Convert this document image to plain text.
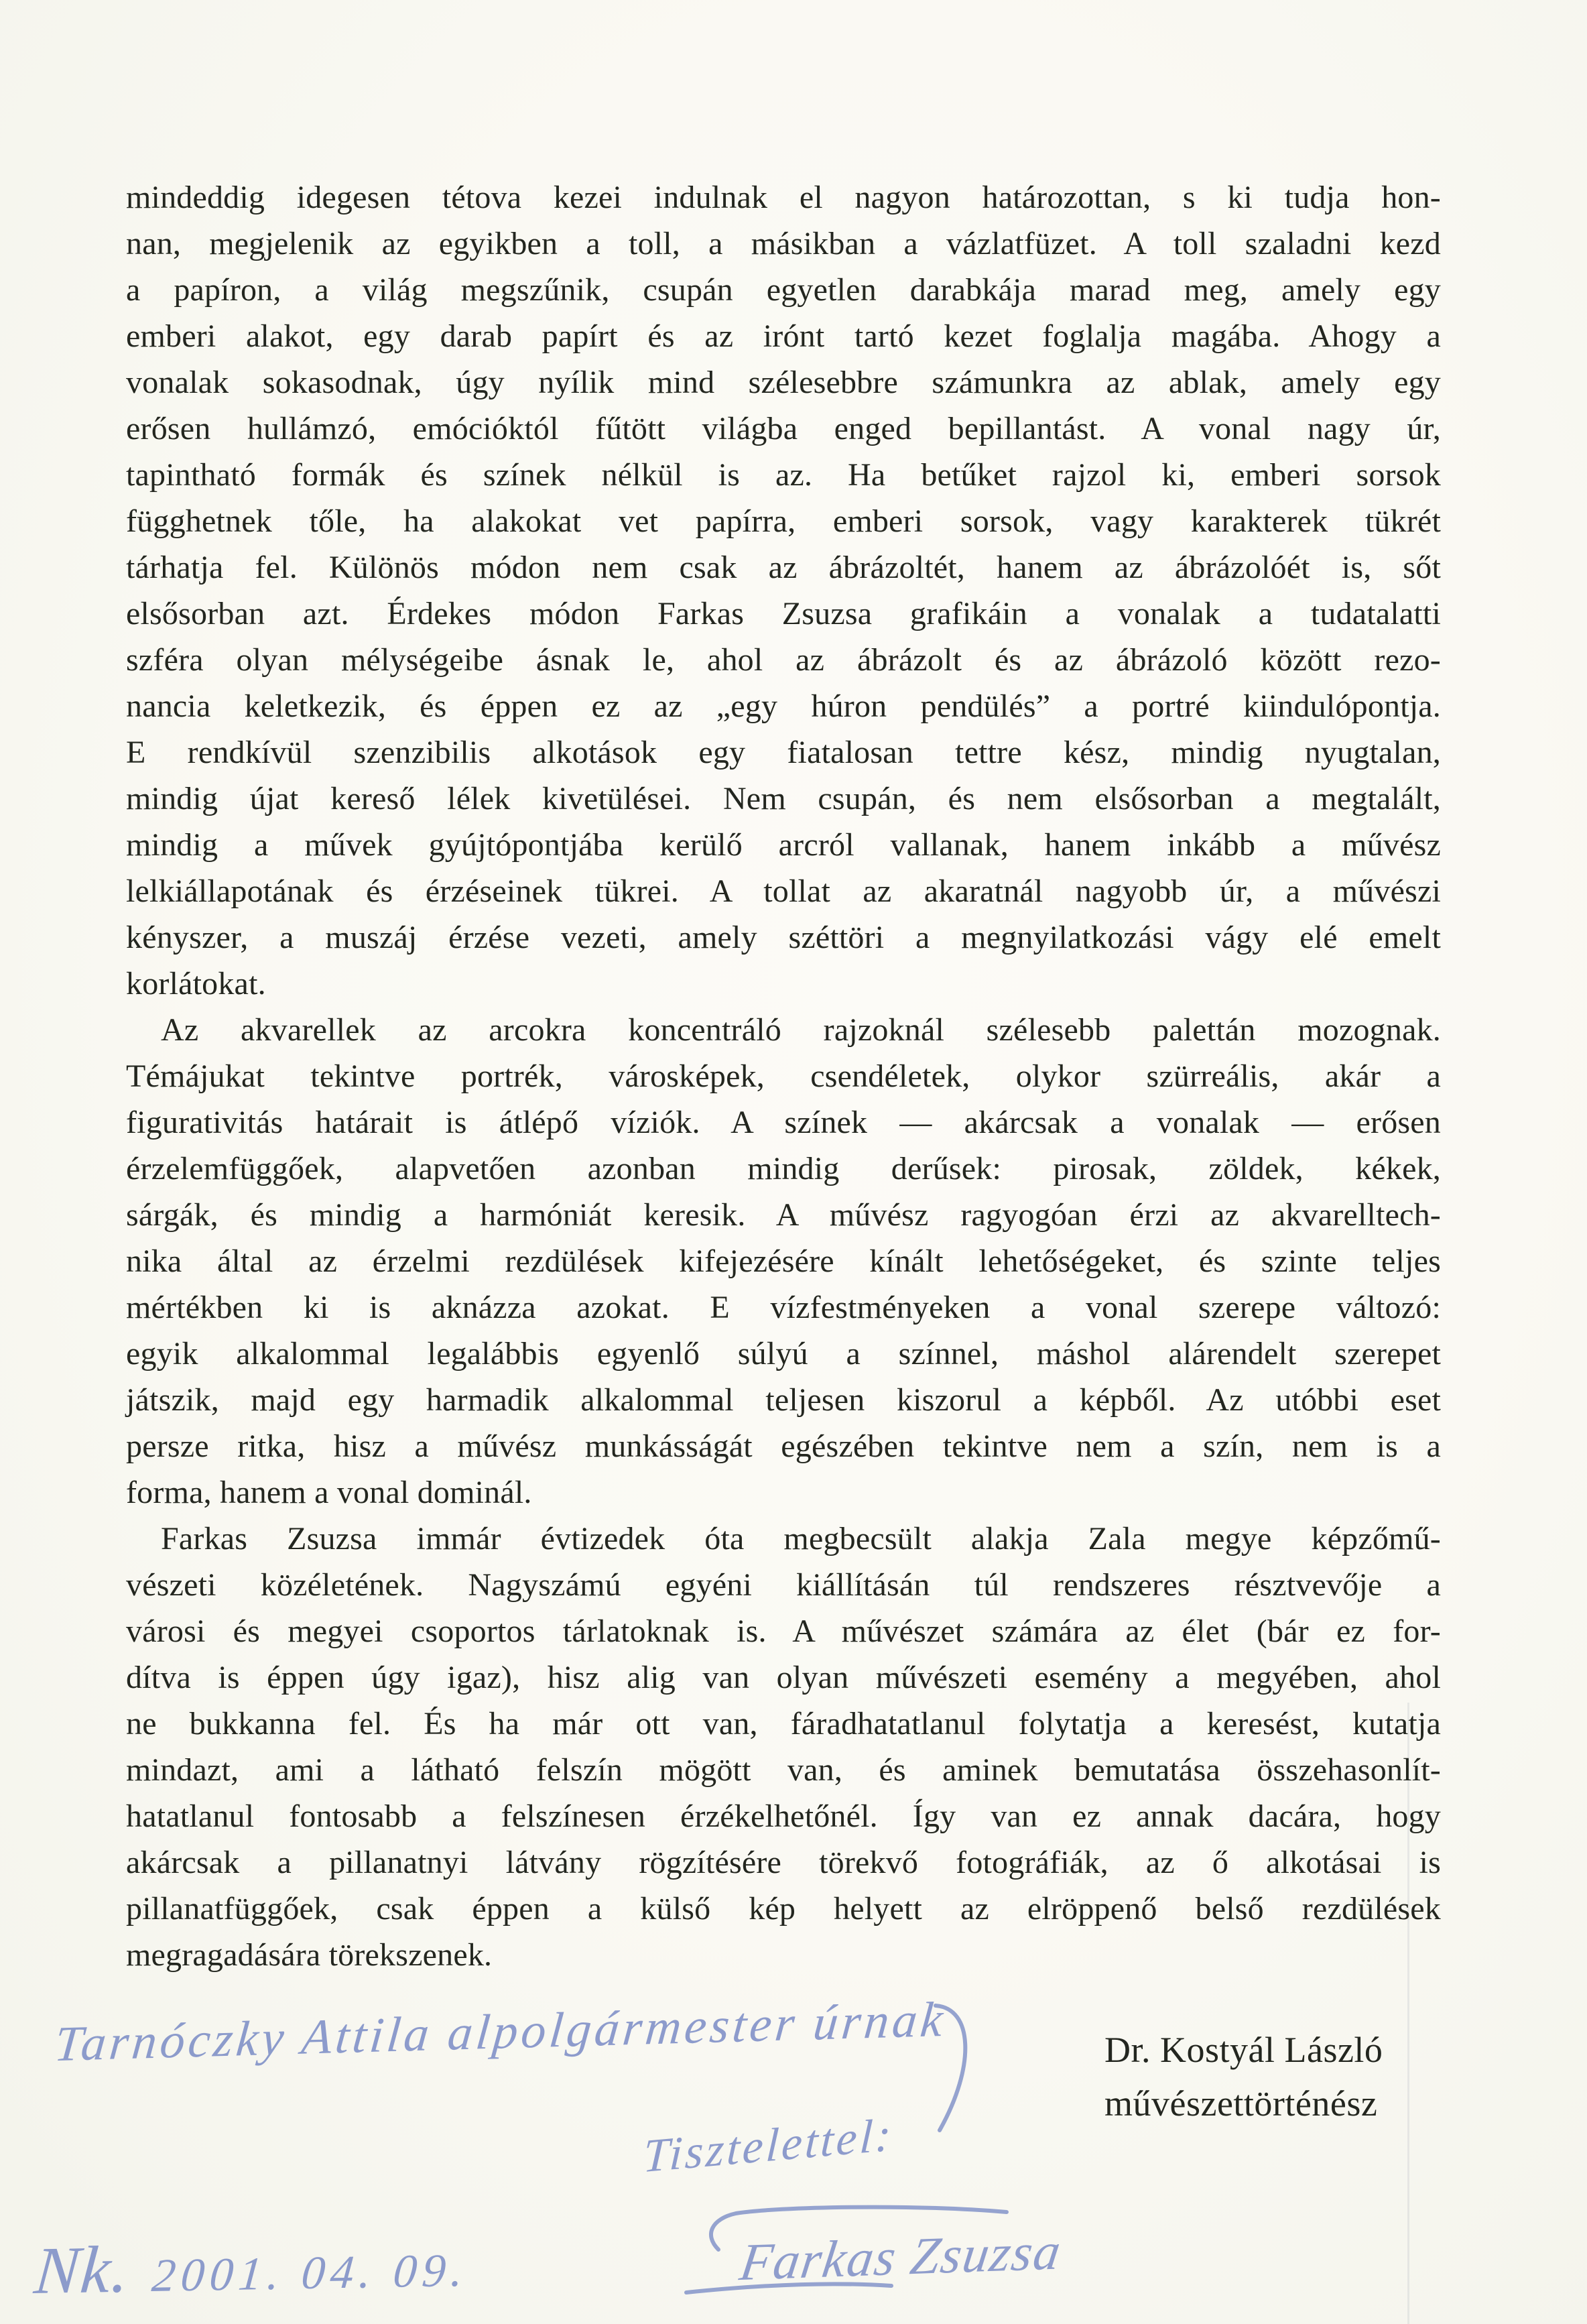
mindeddig idegesen tétova kezei indulnak el nagyon határozottan, s ki tudja hon-
nan, megjelenik az egyikben a toll, a másikban a vázlatfüzet. A toll szaladni kezd
a papíron, a világ megszűnik, csupán egyetlen darabkája marad meg, amely egy
emberi alakot, egy darab papírt és az irónt tartó kezet foglalja magába. Ahogy a
vonalak sokasodnak, úgy nyílik mind szélesebbre számunkra az ablak, amely egy
erősen hullámzó, emócióktól fűtött világba enged bepillantást. A vonal nagy úr,
tapintható formák és színek nélkül is az. Ha betűket rajzol ki, emberi sorsok
függhetnek tőle, ha alakokat vet papírra, emberi sorsok, vagy karakterek tükrét
tárhatja fel. Különös módon nem csak az ábrázoltét, hanem az ábrázolóét is, sőt
elsősorban azt. Érdekes módon Farkas Zsuzsa grafikáin a vonalak a tudatalatti
szféra olyan mélységeibe ásnak le, ahol az ábrázolt és az ábrázoló között rezo-
nancia keletkezik, és éppen ez az „egy húron pendülés” a portré kiindulópontja.
E rendkívül szenzibilis alkotások egy fiatalosan tettre kész, mindig nyugtalan,
mindig újat kereső lélek kivetülései. Nem csupán, és nem elsősorban a megtalált,
mindig a művek gyújtópontjába kerülő arcról vallanak, hanem inkább a művész
lelkiállapotának és érzéseinek tükrei. A tollat az akaratnál nagyobb úr, a művészi
kényszer, a muszáj érzése vezeti, amely széttöri a megnyilatkozási vágy elé emelt
korlátokat.
Az akvarellek az arcokra koncentráló rajzoknál szélesebb palettán mozognak.
Témájukat tekintve portrék, városképek, csendéletek, olykor szürreális, akár a
figurativitás határait is átlépő víziók. A színek — akárcsak a vonalak — erősen
érzelemfüggőek, alapvetően azonban mindig derűsek: pirosak, zöldek, kékek,
sárgák, és mindig a harmóniát keresik. A művész ragyogóan érzi az akvarelltech-
nika által az érzelmi rezdülések kifejezésére kínált lehetőségeket, és szinte teljes
mértékben ki is aknázza azokat. E vízfestményeken a vonal szerepe változó:
egyik alkalommal legalábbis egyenlő súlyú a színnel, máshol alárendelt szerepet
játszik, majd egy harmadik alkalommal teljesen kiszorul a képből. Az utóbbi eset
persze ritka, hisz a művész munkásságát egészében tekintve nem a szín, nem is a
forma, hanem a vonal dominál.
Farkas Zsuzsa immár évtizedek óta megbecsült alakja Zala megye képzőmű-
vészeti közéletének. Nagyszámú egyéni kiállításán túl rendszeres résztvevője a
városi és megyei csoportos tárlatoknak is. A művészet számára az élet (bár ez for-
dítva is éppen úgy igaz), hisz alig van olyan művészeti esemény a megyében, ahol
ne bukkanna fel. És ha már ott van, fáradhatatlanul folytatja a keresést, kutatja
mindazt, ami a látható felszín mögött van, és aminek bemutatása összehasonlít-
hatatlanul fontosabb a felszínesen érzékelhetőnél. Így van ez annak dacára, hogy
akárcsak a pillanatnyi látvány rögzítésére törekvő fotográfiák, az ő alkotásai is
pillanatfüggőek, csak éppen a külső kép helyett az elröppenő belső rezdülések
megragadására törekszenek.
Dr. Kostyál László
művészettörténész
Tarnóczky Attila alpolgármester úrnak
Tisztelettel:
Farkas Zsuzsa
Nk. 2001. 04. 09.
